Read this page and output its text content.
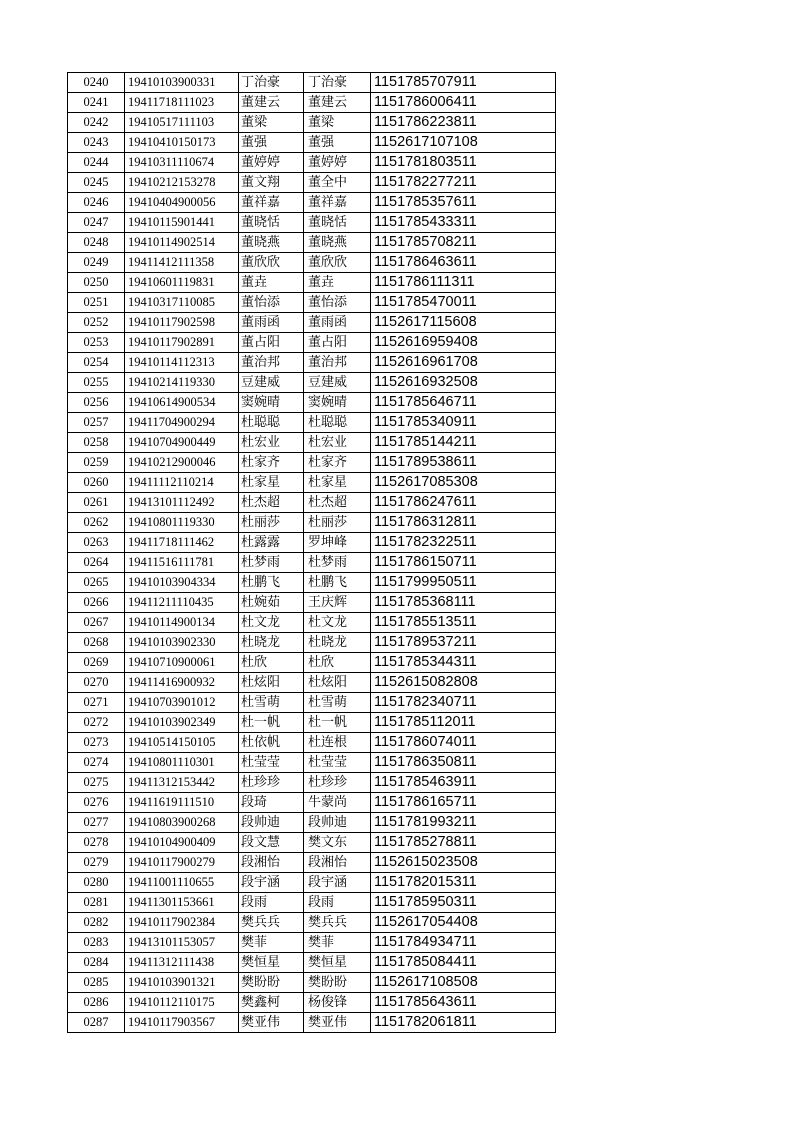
0240	19410103900331	丁治豪	丁治豪	1151785707911
0241	19411718111023	董建云	董建云	1151786006411
0242	19410517111103	董梁	董梁	1151786223811
0243	19410410150173	董强	董强	1152617107108
0244	19410311110674	董婷婷	董婷婷	1151781803511
0245	19410212153278	董文翔	董全中	1151782277211
0246	19410404900056	董祥嘉	董祥嘉	1151785357611
0247	19410115901441	董晓恬	董晓恬	1151785433311
0248	19410114902514	董晓燕	董晓燕	1151785708211
0249	19411412111358	董欣欣	董欣欣	1151786463611
0250	19410601119831	董垚	董垚	1151786111311
0251	19410317110085	董怡添	董怡添	1151785470011
0252	19410117902598	董雨函	董雨函	1152617115608
0253	19410117902891	董占阳	董占阳	1152616959408
0254	19410114112313	董治邦	董治邦	1152616961708
0255	19410214119330	豆建威	豆建威	1152616932508
0256	19410614900534	窦婉晴	窦婉晴	1151785646711
0257	19411704900294	杜聪聪	杜聪聪	1151785340911
0258	19410704900449	杜宏业	杜宏业	1151785144211
0259	19410212900046	杜家齐	杜家齐	1151789538611
0260	19411112110214	杜家星	杜家星	1152617085308
0261	19413101112492	杜杰超	杜杰超	1151786247611
0262	19410801119330	杜丽莎	杜丽莎	1151786312811
0263	19411718111462	杜露露	罗坤峰	1151782322511
0264	19411516111781	杜梦雨	杜梦雨	1151786150711
0265	19410103904334	杜鹏飞	杜鹏飞	1151799950511
0266	19411211110435	杜婉茹	王庆辉	1151785368111
0267	19410114900134	杜文龙	杜文龙	1151785513511
0268	19410103902330	杜晓龙	杜晓龙	1151789537211
0269	19410710900061	杜欣	杜欣	1151785344311
0270	19411416900932	杜炫阳	杜炫阳	1152615082808
0271	19410703901012	杜雪萌	杜雪萌	1151782340711
0272	19410103902349	杜一帆	杜一帆	1151785112011
0273	19410514150105	杜依帆	杜连根	1151786074011
0274	19410801110301	杜莹莹	杜莹莹	1151786350811
0275	19411312153442	杜珍珍	杜珍珍	1151785463911
0276	19411619111510	段琦	牛蒙尚	1151786165711
0277	19410803900268	段帅迪	段帅迪	1151781993211
0278	19410104900409	段文慧	樊文东	1151785278811
0279	19410117900279	段湘怡	段湘怡	1152615023508
0280	19411001110655	段宇涵	段宇涵	1151782015311
0281	19411301153661	段雨	段雨	1151785950311
0282	19410117902384	樊兵兵	樊兵兵	1152617054408
0283	19413101153057	樊菲	樊菲	1151784934711
0284	19411312111438	樊恒星	樊恒星	1151785084411
0285	19410103901321	樊盼盼	樊盼盼	1152617108508
0286	19410112110175	樊鑫柯	杨俊锋	1151785643611
0287	19410117903567	樊亚伟	樊亚伟	1151782061811
